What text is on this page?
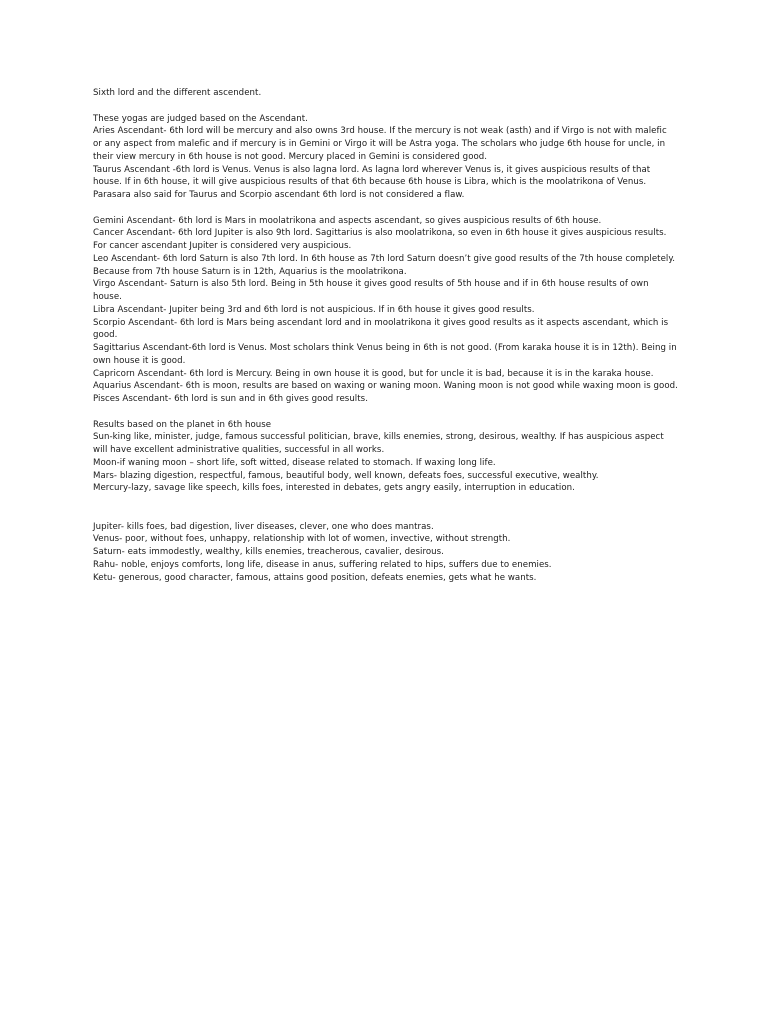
Sixth lord and the different ascendent.

These yogas are judged based on the Ascendant.

Aries Ascendant- 6th lord will be mercury and also owns 3rd house. If the mercury is not weak (asth) and if Virgo is not with malefic or any aspect from malefic and if mercury is in Gemini or Virgo it will be Astra yoga. The scholars who judge 6th house for uncle, in their view mercury in 6th house is not good. Mercury placed in Gemini is considered good.

Taurus Ascendant -6th lord is Venus. Venus is also lagna lord. As lagna lord wherever Venus is, it gives auspicious results of that house. If in 6th house, it will give auspicious results of that 6th because 6th house is Libra, which is the moolatrikona of Venus. Parasara also said for Taurus and Scorpio ascendant 6th lord is not considered a flaw.

Gemini Ascendant- 6th lord is Mars in moolatrikona and aspects ascendant, so gives auspicious results of 6th house.

Cancer Ascendant- 6th lord Jupiter is also 9th lord. Sagittarius is also moolatrikona, so even in 6th house it gives auspicious results. For cancer ascendant Jupiter is considered very auspicious.

Leo Ascendant- 6th lord Saturn is also 7th lord. In 6th house as 7th lord Saturn doesn’t give good results of the 7th house completely. Because from 7th house Saturn is in 12th, Aquarius is the moolatrikona.

Virgo Ascendant- Saturn is also 5th lord. Being in 5th house it gives good results of 5th house and if in 6th house results of own house.

Libra Ascendant- Jupiter being 3rd and 6th lord is not auspicious. If in 6th house it gives good results.

Scorpio Ascendant- 6th lord is Mars being ascendant lord and in moolatrikona it gives good results as it aspects ascendant, which is good.

Sagittarius Ascendant-6th lord is Venus. Most scholars think Venus being in 6th is not good. (From karaka house it is in 12th). Being in own house it is good.

Capricorn Ascendant- 6th lord is Mercury. Being in own house it is good, but for uncle it is bad, because it is in the karaka house.

Aquarius Ascendant- 6th is moon, results are based on waxing or waning moon. Waning moon is not good while waxing moon is good.

Pisces Ascendant- 6th lord is sun and in 6th gives good results.

Results based on the planet in 6th house

Sun-king like, minister, judge, famous successful politician, brave, kills enemies, strong, desirous, wealthy. If has auspicious aspect will have excellent administrative qualities, successful in all works.

Moon-if waning moon – short life, soft witted, disease related to stomach. If waxing long life.

Mars- blazing digestion, respectful, famous, beautiful body, well known, defeats foes, successful executive, wealthy.

Mercury-lazy, savage like speech, kills foes, interested in debates, gets angry easily, interruption in education.

Jupiter- kills foes, bad digestion, liver diseases, clever, one who does mantras.

Venus- poor, without foes, unhappy, relationship with lot of women, invective, without strength.

Saturn- eats immodestly, wealthy, kills enemies, treacherous, cavalier, desirous.

Rahu- noble, enjoys comforts, long life, disease in anus, suffering related to hips, suffers due to enemies.

Ketu- generous, good character, famous, attains good position, defeats enemies, gets what he wants.
